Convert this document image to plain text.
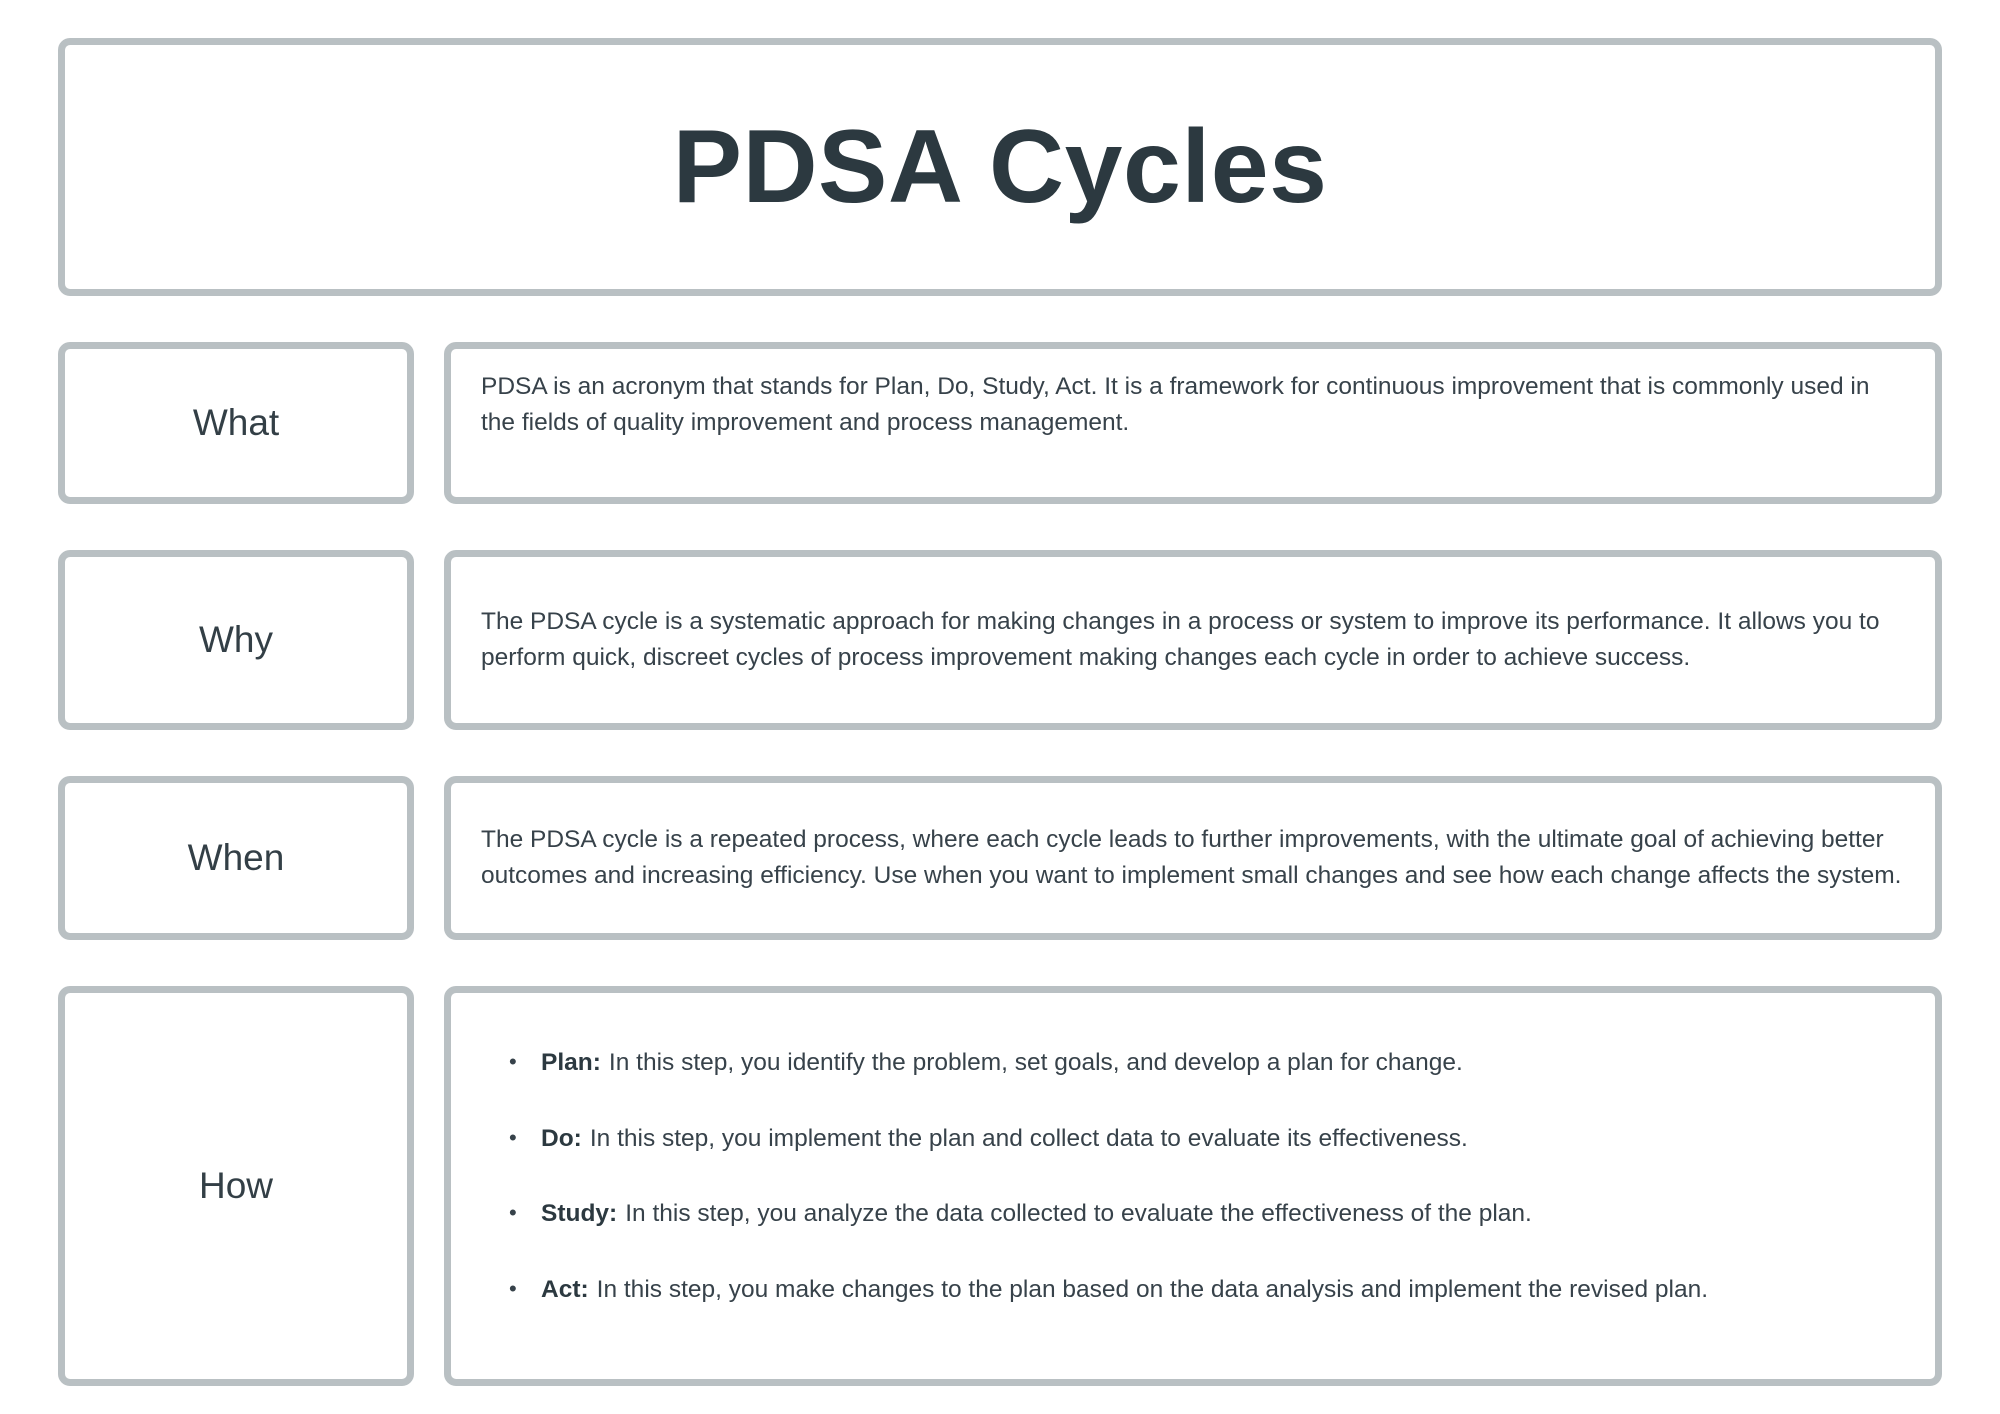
PDSA Cycles
What

PDSA is an acronym that stands for Plan, Do, Study, Act. It is a framework for continuous improvement that is commonly used in the fields of quality improvement and process management.

Why	The PDSA cycle is a systematic approach for making changes in a process or system to improve its performance. It allows you to perform quick, discreet cycles of process improvement making changes each cycle in order to achieve success.

When	The PDSA cycle is a repeated process, where each cycle leads to further improvements, with the ultimate goal of achieving better outcomes and increasing efficiency. Use when you want to implement small changes and see how each change affects the system.

How
• Plan: In this step, you identify the problem, set goals, and develop a plan for change.
• Do: In this step, you implement the plan and collect data to evaluate its effectiveness.
• Study: In this step, you analyze the data collected to evaluate the effectiveness of the plan.
• Act: In this step, you make changes to the plan based on the data analysis and implement the revised plan.
